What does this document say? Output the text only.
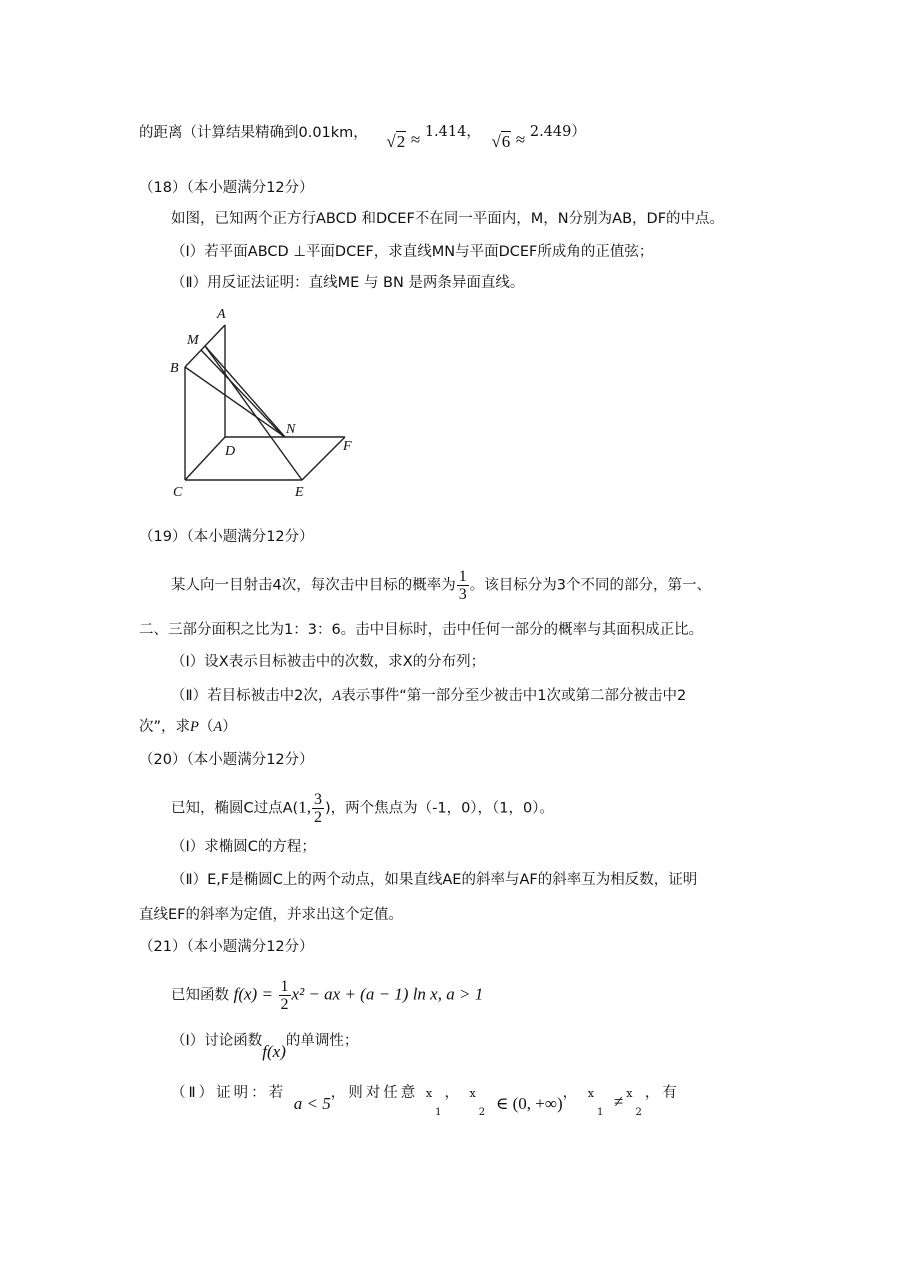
的距离（计算结果精确到0.01km， √2 ≈ 1.414， √6 ≈ 2.449）
（18）（本小题满分12分）
如图，已知两个正方行ABCD 和DCEF不在同一平面内，M，N分别为AB，DF的中点。
（Ⅰ）若平面ABCD ⊥平面DCEF，求直线MN与平面DCEF所成角的正值弦；
（Ⅱ）用反证法证明：直线ME 与 BN 是两条异面直线。
A
M
B
N
D	F
C	E
（19）（本小题满分12分）
某人向一目射击4次，每次击中目标的概率为 $\frac{1}{3}$ 。该目标分为3个不同的部分，第一、
二、三部分面积之比为1：3：6。击中目标时，击中任何一部分的概率与其面积成正比。
（Ⅰ）设X表示目标被击中的次数，求X的分布列；
（Ⅱ）若目标被击中2次，A表示事件“第一部分至少被击中1次或第二部分被击中2
次”，求P（A）
（20）（本小题满分12分）
已知，椭圆C过点A(1, $\frac{3}{2}$ )，两个焦点为（-1，0），（1，0）。
（Ⅰ）求椭圆C的方程；
（Ⅱ）E,F是椭圆C上的两个动点，如果直线AE的斜率与AF的斜率互为相反数，证明
直线EF的斜率为定值，并求出这个定值。
（21）（本小题满分12分）
已知函数 $f(x) = \frac{1}{2} x^2$ − ax + (a − 1) ln x, a > 1
（Ⅰ）讨论函数f(x)的单调性；
（Ⅱ）证明：若 a < 5，则对任意 $x_1$， $x_2$ ∈ (0, +∞)， $x_1 \ne x_2$，有
